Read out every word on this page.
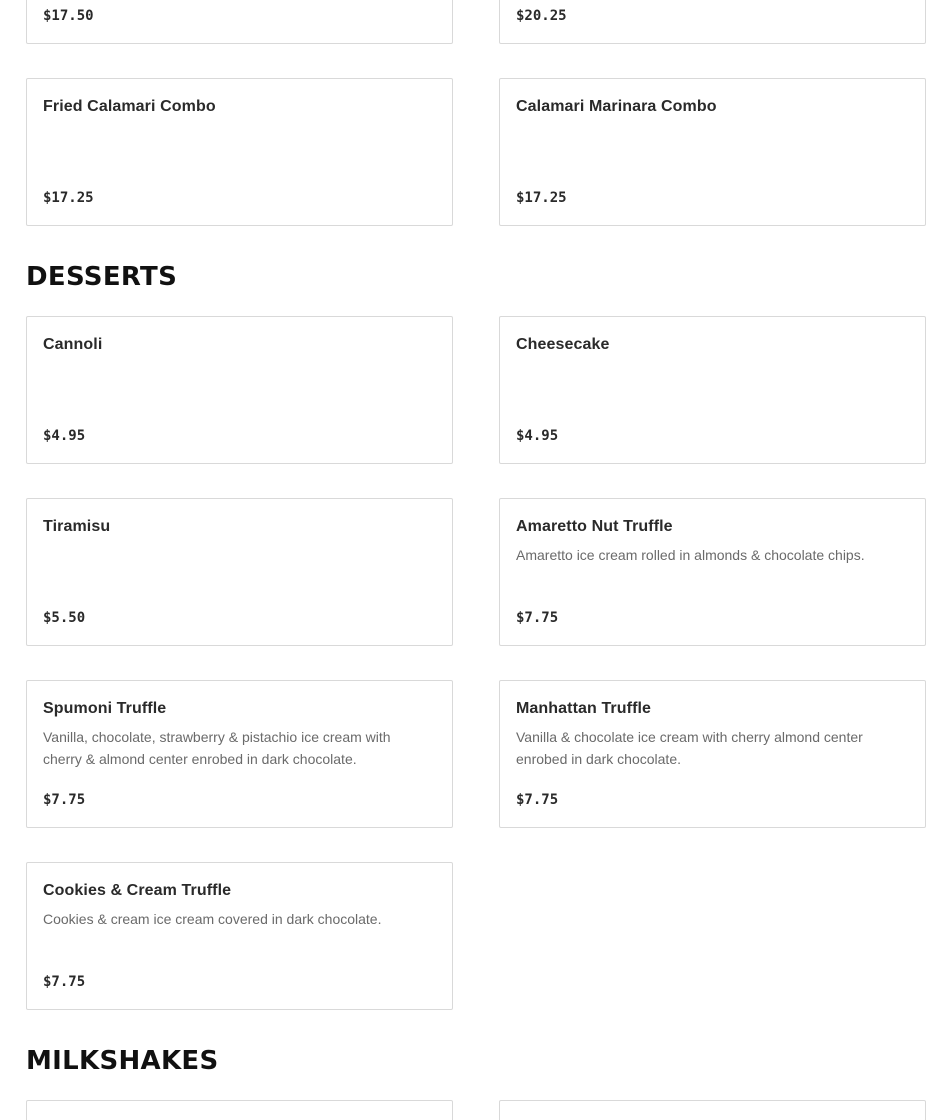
$17.50	$20.25
Fried Calamari Combo
$17.25
Calamari Marinara Combo
$17.25
DESSERTS
Cannoli
$4.95
Cheesecake
$4.95
Tiramisu
$5.50
Amaretto Nut Truffle
Amaretto ice cream rolled in almonds & chocolate chips.
$7.75
Spumoni Truffle
Vanilla, chocolate, strawberry & pistachio ice cream with cherry & almond center enrobed in dark chocolate.
$7.75
Manhattan Truffle
Vanilla & chocolate ice cream with cherry almond center enrobed in dark chocolate.
$7.75
Cookies & Cream Truffle
Cookies & cream ice cream covered in dark chocolate.
$7.75
MILKSHAKES
